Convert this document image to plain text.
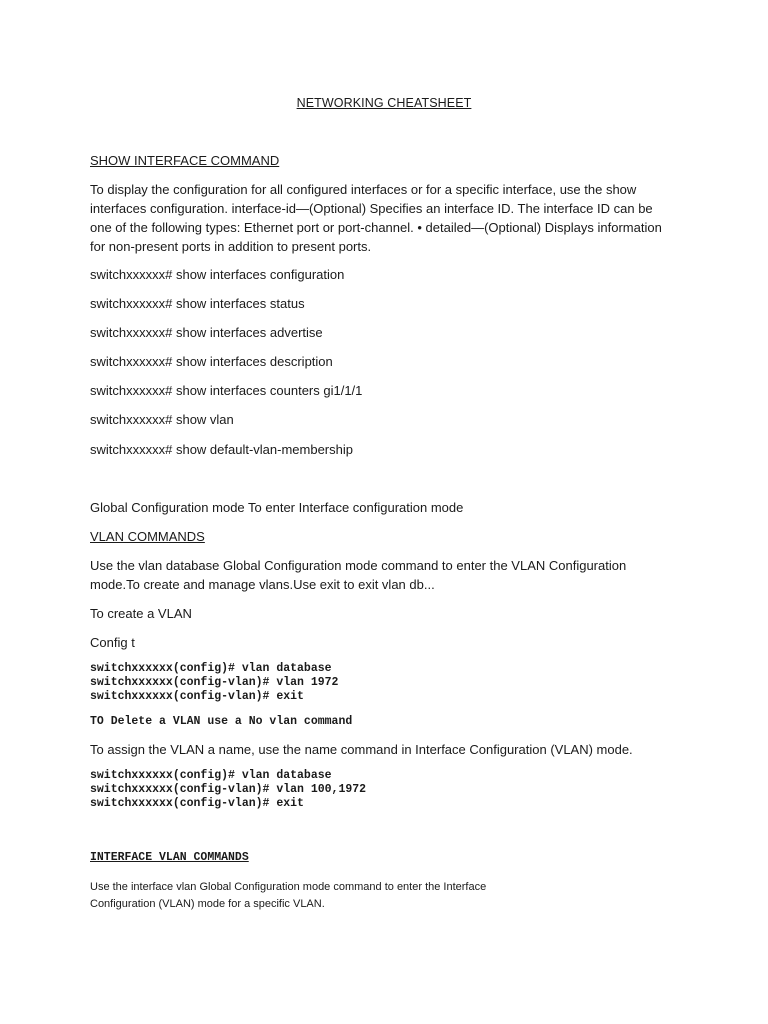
NETWORKING CHEATSHEET
SHOW INTERFACE COMMAND
To display the configuration for all configured interfaces or for a specific interface, use the show interfaces configuration. interface-id—(Optional) Specifies an interface ID. The interface ID can be one of the following types: Ethernet port or port-channel. • detailed—(Optional) Displays information for non-present ports in addition to present ports.
switchxxxxxx# show interfaces configuration
switchxxxxxx# show interfaces status
switchxxxxxx# show interfaces advertise
switchxxxxxx# show interfaces description
switchxxxxxx# show interfaces counters gi1/1/1
switchxxxxxx# show vlan
switchxxxxxx# show default-vlan-membership
Global Configuration mode To enter Interface configuration mode
VLAN COMMANDS
Use the vlan database Global Configuration mode command to enter the VLAN Configuration mode.To create and manage vlans.Use exit to exit vlan db...
To create a VLAN
Config t
switchxxxxxx(config)# vlan database
switchxxxxxx(config-vlan)# vlan 1972
switchxxxxxx(config-vlan)# exit
TO Delete a VLAN use a No vlan command
To assign the VLAN a name, use the name command in Interface Configuration (VLAN) mode.
switchxxxxxx(config)# vlan database
switchxxxxxx(config-vlan)# vlan 100,1972
switchxxxxxx(config-vlan)# exit
INTERFACE VLAN COMMANDS
Use the interface vlan Global Configuration mode command to enter the Interface Configuration (VLAN) mode for a specific VLAN.
